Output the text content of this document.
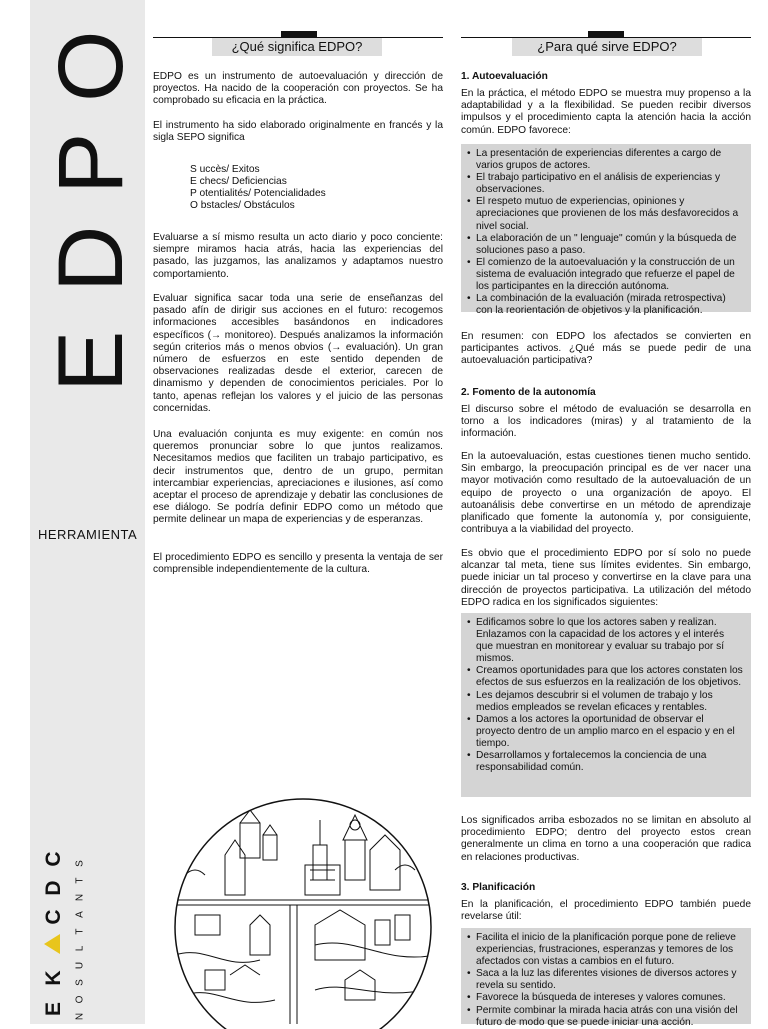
E
D
P
O
HERRAMIENTA
E
K
C
D
C
N
O
S
U
L
T
A
N
T
S
¿Qué significa EDPO?

EDPO es un instrumento de autoevaluación y dirección de proyectos. Ha nacido de la cooperación con proyectos. Se ha comprobado su eficacia en la práctica.

El instrumento ha sido elaborado originalmente en francés y la sigla SEPO significa

S uccès/ Exitos
E checs/ Deficiencias
P otentialités/ Potencialidades
O bstacles/ Obstáculos

Evaluarse a sí mismo resulta un acto diario y poco conciente: siempre miramos hacia atrás, hacia las experiencias del pasado, las juzgamos, las analizamos y adaptamos nuestro comportamiento.

Evaluar significa sacar toda una serie de enseñanzas del pasado afín de dirigir sus acciones en el futuro: recogemos informaciones accesibles basándonos en indicadores específicos (→ monitoreo). Después analizamos la información según criterios más o menos obvios (→ evaluación). Un gran número de esfuerzos en este sentido dependen de observaciones realizadas desde el exterior, carecen de dinamismo y dependen de conocimientos periciales. Por lo tanto, apenas reflejan los valores y el juicio de las personas concernidas.

Una evaluación conjunta es muy exigente: en común nos queremos pronunciar sobre lo que juntos realizamos. Necesitamos medios que faciliten un trabajo participativo, es decir instrumentos que, dentro de un grupo, permitan intercambiar experiencias, apreciaciones e ilusiones, así como aceptar el proceso de aprendizaje y debatir las conclusiones de ese diálogo. Se podría definir EDPO como un método que permite delinear un mapa de experiencias y de esperanzas.

El procedimiento EDPO es sencillo y presenta la ventaja de ser comprensible independientemente de la cultura.

¿Para qué sirve EDPO?

1. Autoevaluación

En la práctica, el método EDPO se muestra muy propenso a la adaptabilidad y a la flexibilidad. Se pueden recibir diversos impulsos y el procedimiento capta la atención hacia la acción común. EDPO favorece:

• La presentación de experiencias diferentes a cargo de varios grupos de actores.
• El trabajo participativo en el análisis de experiencias y observaciones.
• El respeto mutuo de experiencias, opiniones y apreciaciones que provienen de los más desfavorecidos a nivel social.
• La elaboración de un " lenguaje" común y la búsqueda de soluciones paso a paso.
• El comienzo de la autoevaluación y la construcción de un sistema de evaluación integrado que refuerze el papel de los participantes en la dirección autónoma.
• La combinación de la evaluación (mirada retrospectiva) con la reorientación de objetivos y la planificación.

En resumen: con EDPO los afectados se convierten en participantes activos. ¿Qué más se puede pedir de una autoevaluación participativa?

2. Fomento de la autonomía

El discurso sobre el método de evaluación se desarrolla en torno a los indicadores (miras) y al tratamiento de la información.

En la autoevaluación, estas cuestiones tienen mucho sentido. Sin embargo, la preocupación principal es de ver nacer una mayor motivación como resultado de la autoevaluación de un equipo de proyecto o una organización de apoyo. El autoanálisis debe convertirse en un método de aprendizaje planificado que fomente la autonomía y, por consiguiente, contribuya a la viabilidad del proyecto.

Es obvio que el procedimiento EDPO por sí solo no puede alcanzar tal meta, tiene sus límites evidentes. Sin embargo, puede iniciar un tal proceso y convertirse en la clave para una dirección de proyectos participativa. La utilización del método EDPO radica en los significados siguientes:

• Edificamos sobre lo que los actores saben y realizan. Enlazamos con la capacidad de los actores y el interés que muestran en monitorear y evaluar su trabajo por sí mismos.
• Creamos oportunidades para que los actores constaten los efectos de sus esfuerzos en la realización de los objetivos.
• Les dejamos descubrir si el volumen de trabajo y los medios empleados se revelan eficaces y rentables.
• Damos a los actores la oportunidad de observar el proyecto dentro de un amplio marco en el espacio y en el tiempo.
• Desarrollamos y fortalecemos la conciencia de una responsabilidad común.

Los significados arriba esbozados no se limitan en absoluto al procedimiento EDPO; dentro del proyecto estos crean generalmente un clima en torno a una cooperación que radica en relaciones productivas.

3. Planificación

En la planificación, el procedimiento EDPO también puede revelarse útil:

• Facilita el inicio de la planificación porque pone de relieve experiencias, frustraciones, esperanzas y temores de los afectados con vistas a cambios en el futuro.
• Saca a la luz las diferentes visiones de diversos actores y revela su sentido.
• Favorece la búsqueda de intereses y valores comunes.
• Permite combinar la mirada hacia atrás con una visión del futuro de modo que se puede iniciar una acción.
